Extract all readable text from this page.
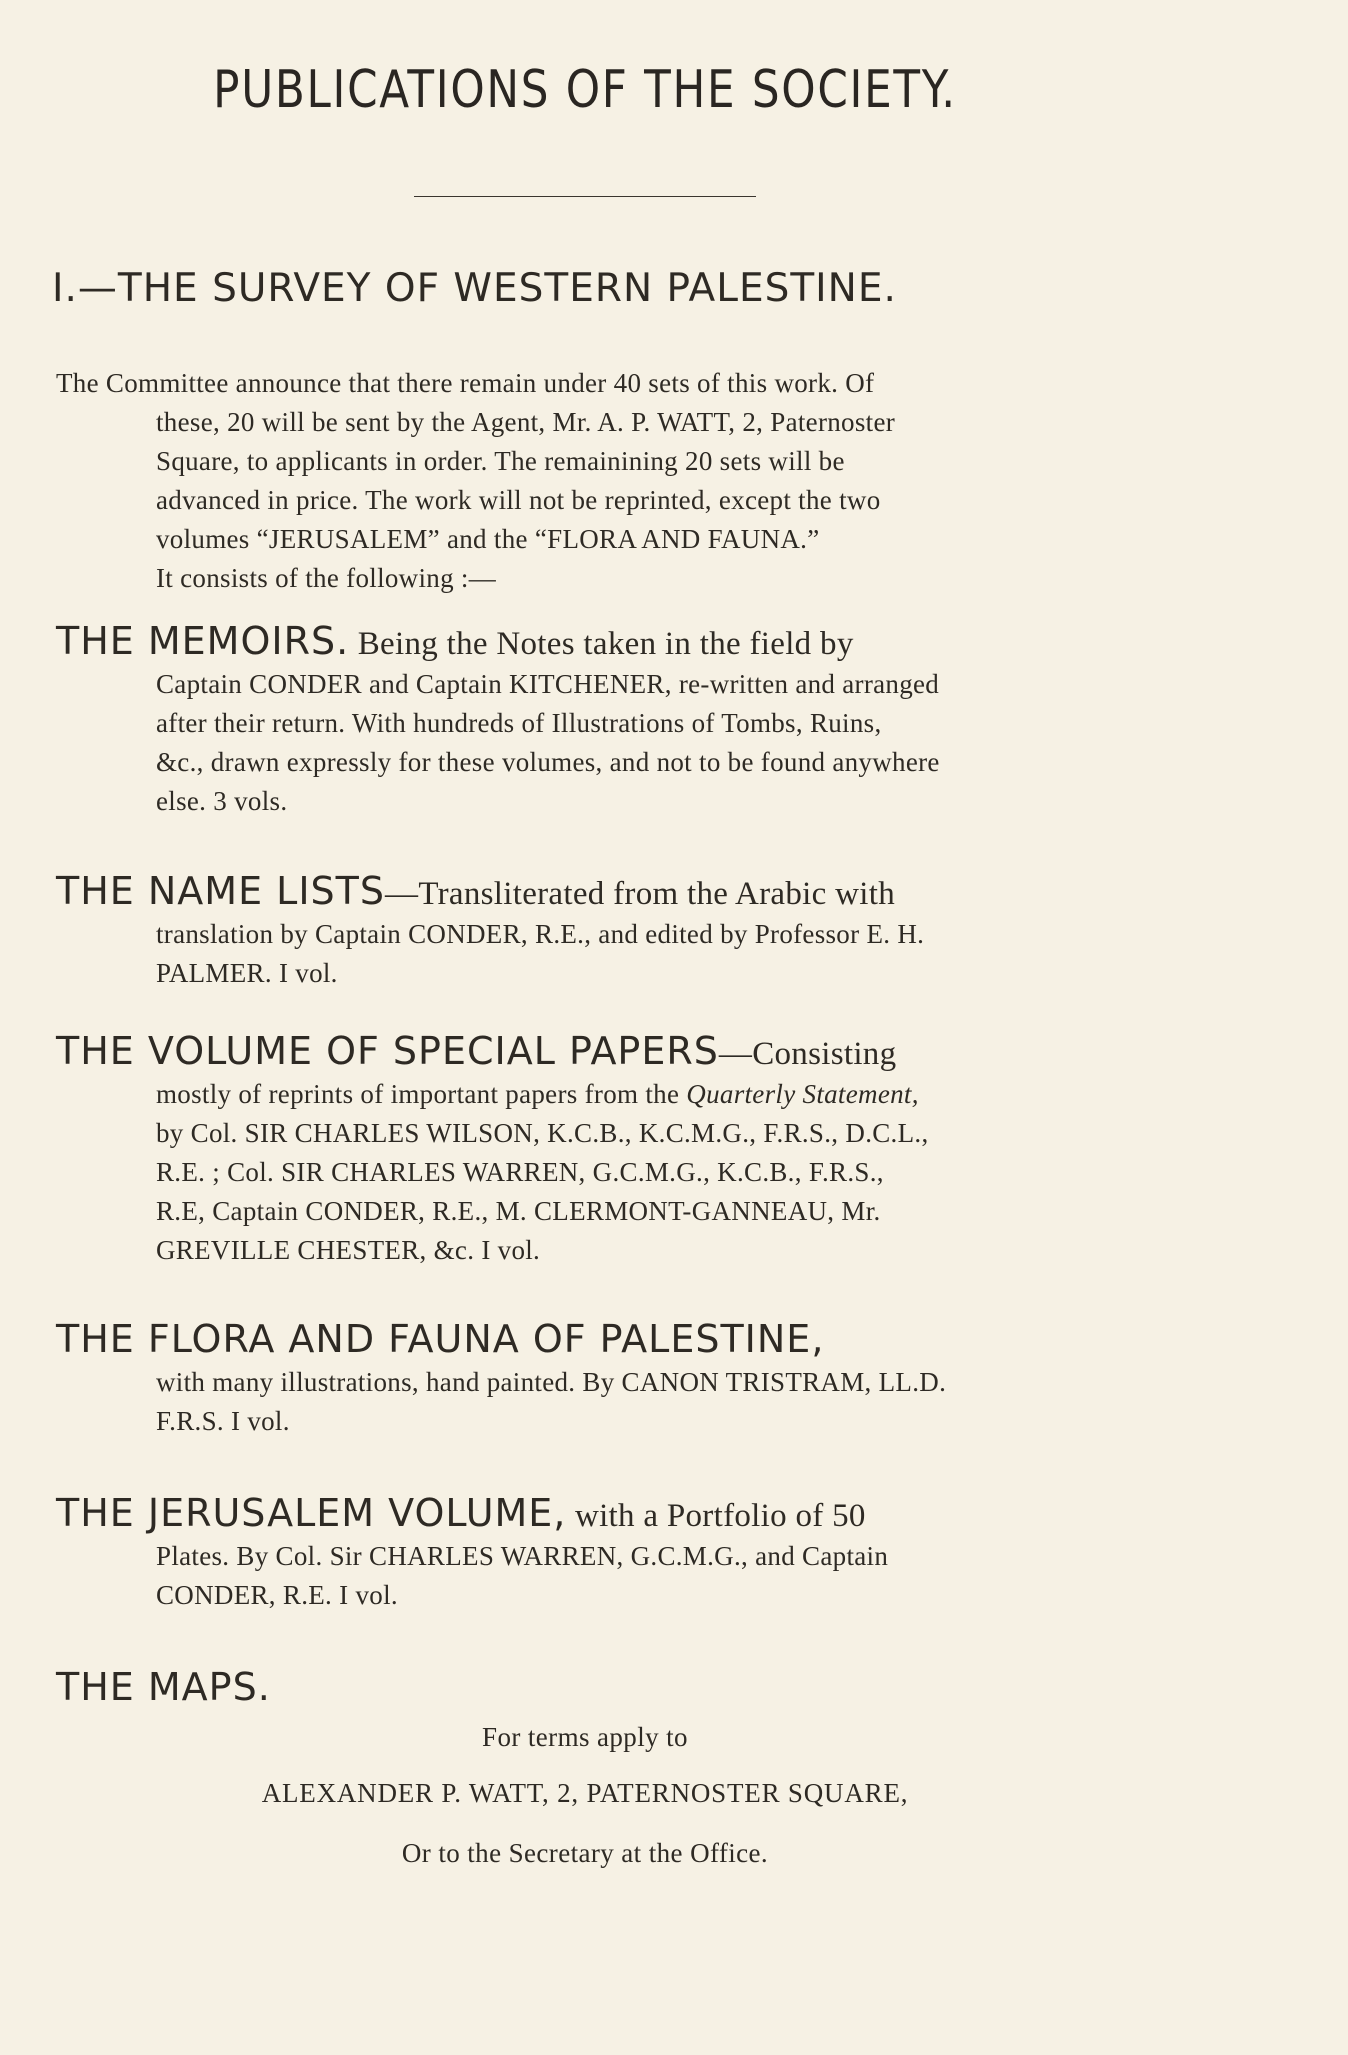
PUBLICATIONS OF THE SOCIETY.
I.—THE SURVEY OF WESTERN PALESTINE.
The Committee announce that there remain under 40 sets of this work. Of
these, 20 will be sent by the Agent, Mr. A. P. WATT, 2, Paternoster
Square, to applicants in order. The remainining 20 sets will be
advanced in price. The work will not be reprinted, except the two
volumes “JERUSALEM” and the “FLORA AND FAUNA.”
It consists of the following :—
THE MEMOIRS. Being the Notes taken in the field by
Captain CONDER and Captain KITCHENER, re-written and arranged
after their return. With hundreds of Illustrations of Tombs, Ruins,
&c., drawn expressly for these volumes, and not to be found anywhere
else. 3 vols.
THE NAME LISTS—Transliterated from the Arabic with
translation by Captain CONDER, R.E., and edited by Professor E. H.
PALMER. I vol.
THE VOLUME OF SPECIAL PAPERS—Consisting
mostly of reprints of important papers from the Quarterly Statement,
by Col. SIR CHARLES WILSON, K.C.B., K.C.M.G., F.R.S., D.C.L.,
R.E. ; Col. SIR CHARLES WARREN, G.C.M.G., K.C.B., F.R.S.,
R.E, Captain CONDER, R.E., M. CLERMONT-GANNEAU, Mr.
GREVILLE CHESTER, &c. I vol.
THE FLORA AND FAUNA OF PALESTINE,
with many illustrations, hand painted. By CANON TRISTRAM, LL.D.
F.R.S. I vol.
THE JERUSALEM VOLUME, with a Portfolio of 50
Plates. By Col. Sir CHARLES WARREN, G.C.M.G., and Captain
CONDER, R.E. I vol.
THE MAPS.
For terms apply to
ALEXANDER P. WATT, 2, PATERNOSTER SQUARE,
Or to the Secretary at the Office.
